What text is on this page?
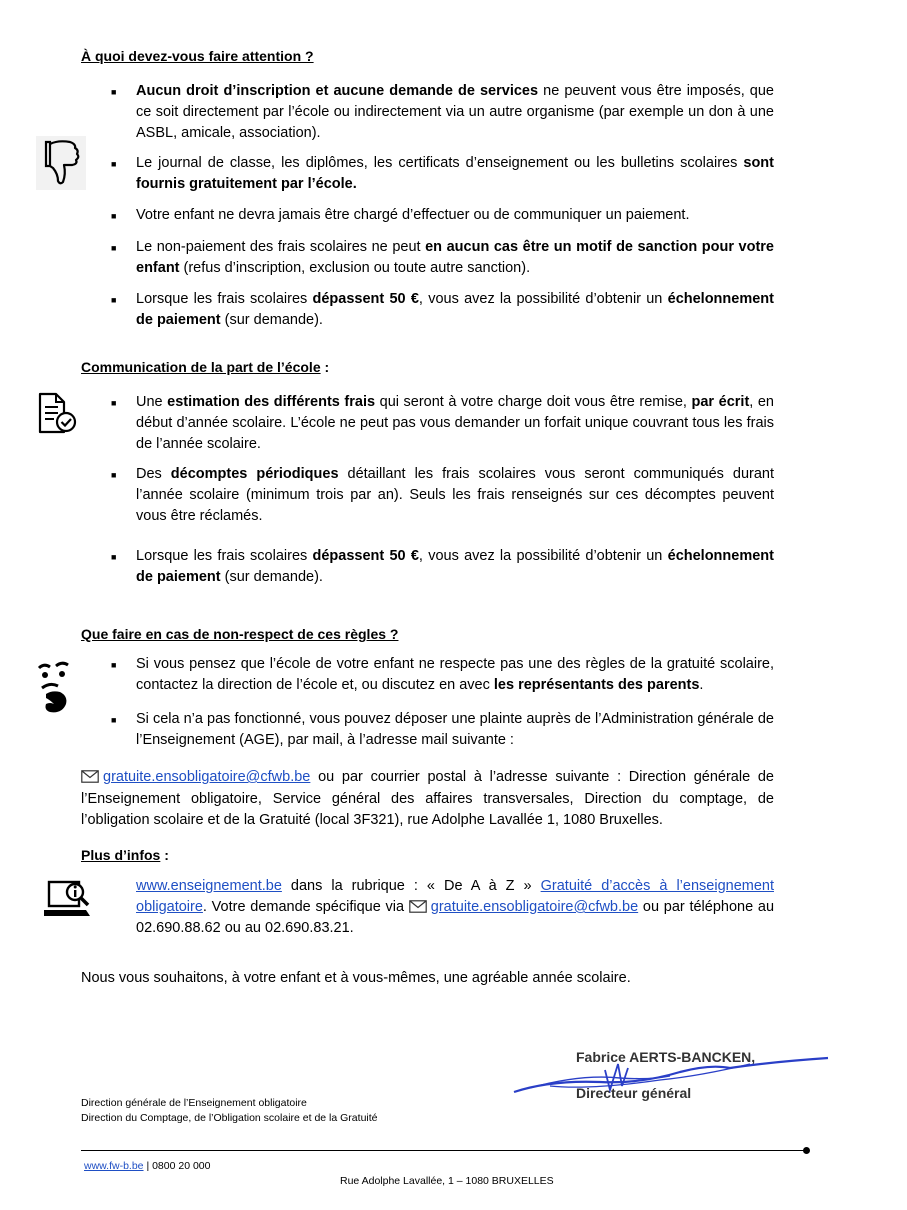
À quoi devez-vous faire attention ?
■ Aucun droit d’inscription et aucune demande de services ne peuvent vous être imposés, que ce soit directement par l’école ou indirectement via un autre organisme (par exemple un don à une ASBL, amicale, association).
■ Le journal de classe, les diplômes, les certificats d’enseignement ou les bulletins scolaires sont fournis gratuitement par l’école.
■ Votre enfant ne devra jamais être chargé d’effectuer ou de communiquer un paiement.
■ Le non-paiement des frais scolaires ne peut en aucun cas être un motif de sanction pour votre enfant (refus d’inscription, exclusion ou toute autre sanction).
■ Lorsque les frais scolaires dépassent 50 €, vous avez la possibilité d’obtenir un échelonnement de paiement (sur demande).
Communication de la part de l’école :
■ Une estimation des différents frais qui seront à votre charge doit vous être remise, par écrit, en début d’année scolaire. L’école ne peut pas vous demander un forfait unique couvrant tous les frais de l’année scolaire.
■ Des décomptes périodiques détaillant les frais scolaires vous seront communiqués durant l’année scolaire (minimum trois par an). Seuls les frais renseignés sur ces décomptes peuvent vous être réclamés.
■ Lorsque les frais scolaires dépassent 50 €, vous avez la possibilité d’obtenir un échelonnement de paiement (sur demande).
Que faire en cas de non-respect de ces règles ?
■ Si vous pensez que l’école de votre enfant ne respecte pas une des règles de la gratuité scolaire, contactez la direction de l’école et, ou discutez en avec les représentants des parents.
■ Si cela n’a pas fonctionné, vous pouvez déposer une plainte auprès de l’Administration générale de l’Enseignement (AGE), par mail, à l’adresse mail suivante :
gratuite.ensobligatoire@cfwb.be ou par courrier postal à l’adresse suivante : Direction générale de l’Enseignement obligatoire, Service général des affaires transversales, Direction du comptage, de l’obligation scolaire et de la Gratuité (local 3F321), rue Adolphe Lavallée 1, 1080 Bruxelles.
Plus d’infos :
www.enseignement.be dans la rubrique : « De A à Z » Gratuité d’accès à l’enseignement obligatoire. Votre demande spécifique via gratuite.ensobligatoire@cfwb.be ou par téléphone au 02.690.88.62 ou au 02.690.83.21.
Nous vous souhaitons, à votre enfant et à vous-mêmes, une agréable année scolaire.
Fabrice AERTS-BANCKEN,
Directeur général
Direction générale de l’Enseignement obligatoire
Direction du Comptage, de l’Obligation scolaire et de la Gratuité
www.fw-b.be | 0800 20 000
Rue Adolphe Lavallée, 1 – 1080 BRUXELLES
